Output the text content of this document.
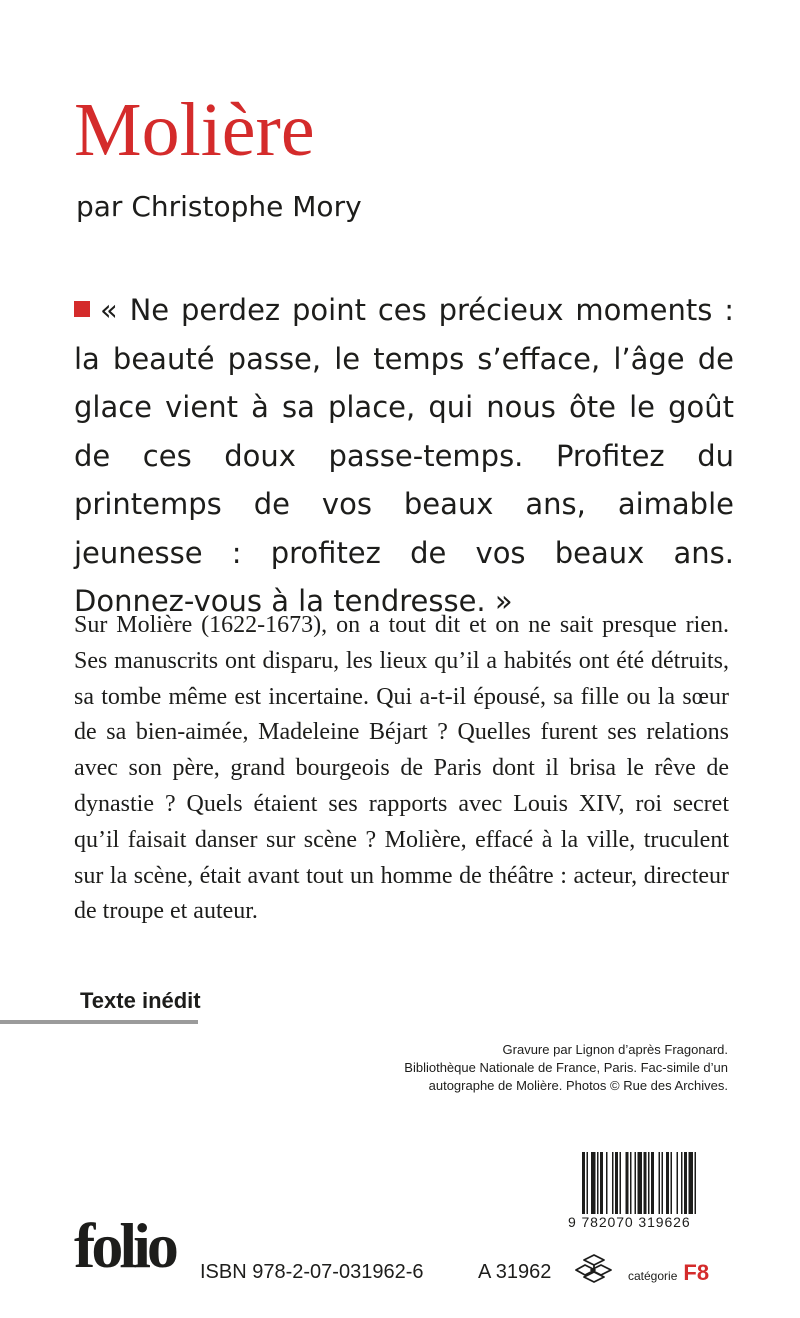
Molière
par Christophe Mory

« Ne perdez point ces précieux moments : la beauté passe, le temps s’efface, l’âge de glace vient à sa place, qui nous ôte le goût de ces doux passe-temps. Profitez du printemps de vos beaux ans, aimable jeunesse : profitez de vos beaux ans. Donnez-vous à la tendresse. »

Sur Molière (1622-1673), on a tout dit et on ne sait presque rien. Ses manuscrits ont disparu, les lieux qu’il a habités ont été détruits, sa tombe même est incertaine. Qui a-t-il épousé, sa fille ou la sœur de sa bien-aimée, Madeleine Béjart ? Quelles furent ses relations avec son père, grand bourgeois de Paris dont il brisa le rêve de dynastie ? Quels étaient ses rapports avec Louis XIV, roi secret qu’il faisait danser sur scène ? Molière, effacé à la ville, truculent sur la scène, était avant tout un homme de théâtre : acteur, directeur de troupe et auteur.

Texte inédit
Gravure par Lignon d’après Fragonard.
Bibliothèque Nationale de France, Paris. Fac-simile d’un
autographe de Molière. Photos © Rue des Archives.
9 782070 319626
folio ISBN 978-2-07-031962-6	A 31962	catégorie F8
